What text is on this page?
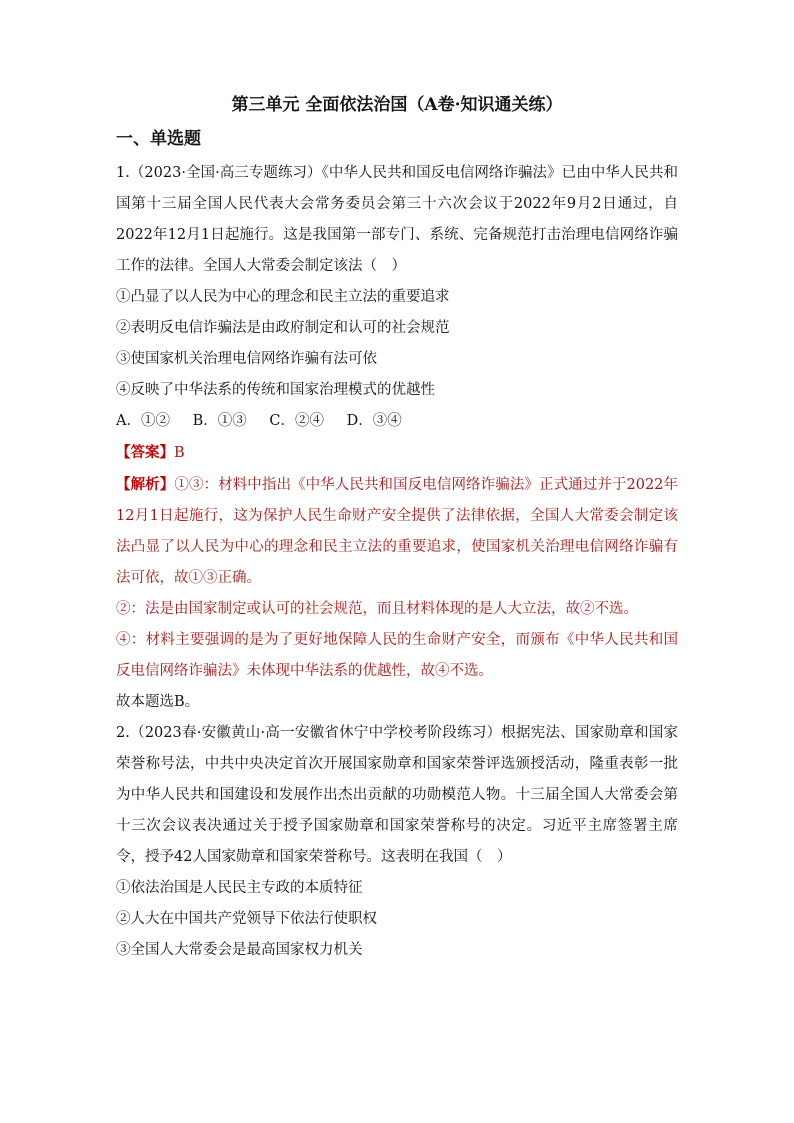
第三单元 全面依法治国（A卷·知识通关练）
一、单选题
1.（2023·全国·高三专题练习）《中华人民共和国反电信网络诈骗法》已由中华人民共和国第十三届全国人民代表大会常务委员会第三十六次会议于2022年9月2日通过，自2022年12月1日起施行。这是我国第一部专门、系统、完备规范打击治理电信网络诈骗工作的法律。全国人大常委会制定该法（　）
①凸显了以人民为中心的理念和民主立法的重要追求
②表明反电信诈骗法是由政府制定和认可的社会规范
③使国家机关治理电信网络诈骗有法可依
④反映了中华法系的传统和国家治理模式的优越性
A．①② B．①③ C．②④ D．③④
【答案】B
【解析】①③：材料中指出《中华人民共和国反电信网络诈骗法》正式通过并于2022年12月1日起施行，这为保护人民生命财产安全提供了法律依据，全国人大常委会制定该法凸显了以人民为中心的理念和民主立法的重要追求，使国家机关治理电信网络诈骗有法可依，故①③正确。
②：法是由国家制定或认可的社会规范，而且材料体现的是人大立法，故②不选。
④：材料主要强调的是为了更好地保障人民的生命财产安全，而颁布《中华人民共和国反电信网络诈骗法》未体现中华法系的优越性，故④不选。
故本题选B。
2.（2023春·安徽黄山·高一安徽省休宁中学校考阶段练习）根据宪法、国家勋章和国家荣誉称号法，中共中央决定首次开展国家勋章和国家荣誉评选颁授活动，隆重表彰一批为中华人民共和国建设和发展作出杰出贡献的功勋模范人物。十三届全国人大常委会第十三次会议表决通过关于授予国家勋章和国家荣誉称号的决定。习近平主席签署主席令，授予42人国家勋章和国家荣誉称号。这表明在我国（　）
①依法治国是人民民主专政的本质特征
②人大在中国共产党领导下依法行使职权
③全国人大常委会是最高国家权力机关
